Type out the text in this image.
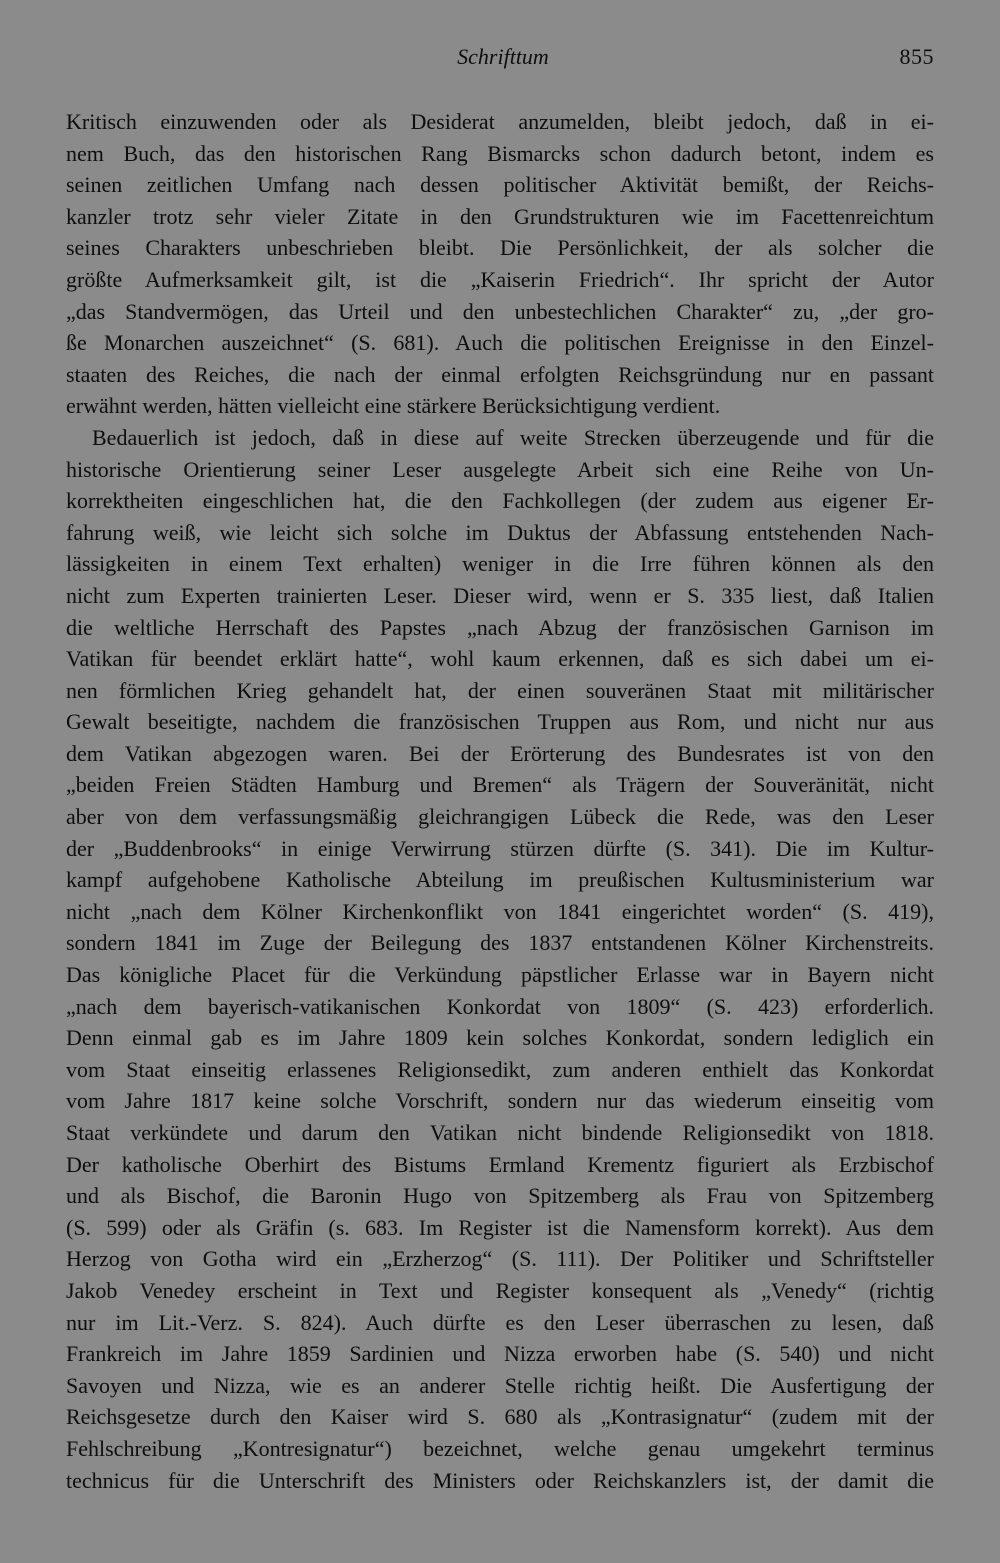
Schrifttum	855
Kritisch einzuwenden oder als Desiderat anzumelden, bleibt jedoch, daß in ei-
nem Buch, das den historischen Rang Bismarcks schon dadurch betont, indem es
seinen zeitlichen Umfang nach dessen politischer Aktivität bemißt, der Reichs-
kanzler trotz sehr vieler Zitate in den Grundstrukturen wie im Facettenreichtum
seines Charakters unbeschrieben bleibt. Die Persönlichkeit, der als solcher die
größte Aufmerksamkeit gilt, ist die „Kaiserin Friedrich“. Ihr spricht der Autor
„das Standvermögen, das Urteil und den unbestechlichen Charakter“ zu, „der gro-
ße Monarchen auszeichnet“ (S. 681). Auch die politischen Ereignisse in den Einzel-
staaten des Reiches, die nach der einmal erfolgten Reichsgründung nur en passant
erwähnt werden, hätten vielleicht eine stärkere Berücksichtigung verdient.
Bedauerlich ist jedoch, daß in diese auf weite Strecken überzeugende und für die
historische Orientierung seiner Leser ausgelegte Arbeit sich eine Reihe von Un-
korrektheiten eingeschlichen hat, die den Fachkollegen (der zudem aus eigener Er-
fahrung weiß, wie leicht sich solche im Duktus der Abfassung entstehenden Nach-
lässigkeiten in einem Text erhalten) weniger in die Irre führen können als den
nicht zum Experten trainierten Leser. Dieser wird, wenn er S. 335 liest, daß Italien
die weltliche Herrschaft des Papstes „nach Abzug der französischen Garnison im
Vatikan für beendet erklärt hatte“, wohl kaum erkennen, daß es sich dabei um ei-
nen förmlichen Krieg gehandelt hat, der einen souveränen Staat mit militärischer
Gewalt beseitigte, nachdem die französischen Truppen aus Rom, und nicht nur aus
dem Vatikan abgezogen waren. Bei der Erörterung des Bundesrates ist von den
„beiden Freien Städten Hamburg und Bremen“ als Trägern der Souveränität, nicht
aber von dem verfassungsmäßig gleichrangigen Lübeck die Rede, was den Leser
der „Buddenbrooks“ in einige Verwirrung stürzen dürfte (S. 341). Die im Kultur-
kampf aufgehobene Katholische Abteilung im preußischen Kultusministerium war
nicht „nach dem Kölner Kirchenkonflikt von 1841 eingerichtet worden“ (S. 419),
sondern 1841 im Zuge der Beilegung des 1837 entstandenen Kölner Kirchenstreits.
Das königliche Placet für die Verkündung päpstlicher Erlasse war in Bayern nicht
„nach dem bayerisch-vatikanischen Konkordat von 1809“ (S. 423) erforderlich.
Denn einmal gab es im Jahre 1809 kein solches Konkordat, sondern lediglich ein
vom Staat einseitig erlassenes Religionsedikt, zum anderen enthielt das Konkordat
vom Jahre 1817 keine solche Vorschrift, sondern nur das wiederum einseitig vom
Staat verkündete und darum den Vatikan nicht bindende Religionsedikt von 1818.
Der katholische Oberhirt des Bistums Ermland Krementz figuriert als Erzbischof
und als Bischof, die Baronin Hugo von Spitzemberg als Frau von Spitzemberg
(S. 599) oder als Gräfin (s. 683. Im Register ist die Namensform korrekt). Aus dem
Herzog von Gotha wird ein „Erzherzog“ (S. 111). Der Politiker und Schriftsteller
Jakob Venedey erscheint in Text und Register konsequent als „Venedy“ (richtig
nur im Lit.-Verz. S. 824). Auch dürfte es den Leser überraschen zu lesen, daß
Frankreich im Jahre 1859 Sardinien und Nizza erworben habe (S. 540) und nicht
Savoyen und Nizza, wie es an anderer Stelle richtig heißt. Die Ausfertigung der
Reichsgesetze durch den Kaiser wird S. 680 als „Kontrasignatur“ (zudem mit der
Fehlschreibung „Kontresignatur“) bezeichnet, welche genau umgekehrt terminus
technicus für die Unterschrift des Ministers oder Reichskanzlers ist, der damit die
